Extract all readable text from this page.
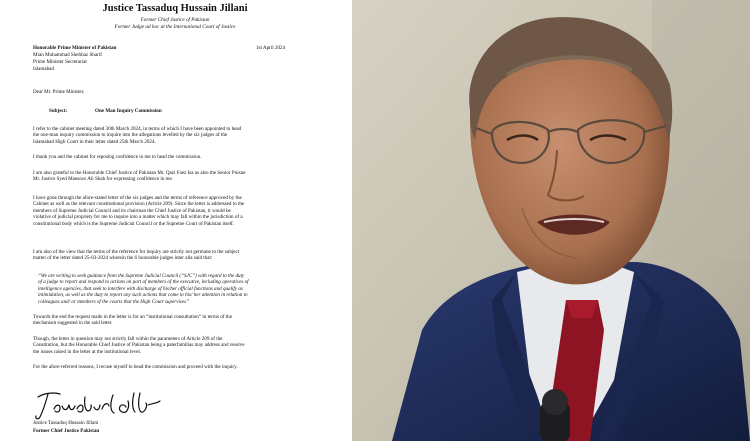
Justice Tassaduq Hussain Jillani
Former Chief Justice of Pakistan
Former Judge ad hoc at the International Court of Justice
Honorable Prime Minister of Pakistan	1st April 2024
Mian Muhammad Shehbaz Sharif
Prime Minister Secretariat
Islamabad
Dear Mr. Prime Minister,
Subject:	One Man Inquiry Commission
I refer to the cabinet meeting dated 30th March 2024, in terms of which I have been appointed to head
the one-man inquiry commission to inquire into the allegations levelled by the six judges of the
Islamabad High Court in their letter dated 25th March 2024.
I thank you and the cabinet for reposing confidence in me to head the commission.
I am also grateful to the Honorable Chief Justice of Pakistan Mr. Qazi Faez Isa as also the Senior Puisne
Mr. Justice Syed Mansoor Ali Shah for expressing confidence in me.
I have gone through the afore-stated letter of the six judges and the terms of reference approved by the
Cabinet as well as the relevant constitutional provision (Article 209). Since the letter is addressed to the
members of Supreme Judicial Council and its chairman the Chief Justice of Pakistan, it would be
violative of judicial propriety for me to inquire into a matter which may fall within the jurisdiction of a
constitutional body which is the Supreme Judicial Council or the Supreme Court of Pakistan itself.
I am also of the view that the terms of the reference for inquiry are strictly not germane to the subject
matter of the letter dated 25-03-2024 wherein the 6 honorable judges inter alia said that:
“We are writing to seek guidance from the Supreme Judicial Council (“SJC”) with regard to the duty
of a judge to report and respond to actions on part of members of the executive, including operatives of
intelligence agencies, that seek to interfere with discharge of his/her official functions and qualify as
intimidation, as well as the duty to report any such actions that come to his/ her attention in relation to
colleagues and/ or members of the courts that the High Court supervises”
Towards the end the request made in the letter is for an “institutional consultation” in terms of the
mechanism suggested in the said letter.
Though, the letter in question may not strictly fall within the parameters of Article 209 of the
Constitution, but the Honorable Chief Justice of Pakistan being a paterfamilias may address and resolve
the issues raised in the letter at the institutional level.
For the afore-referred reasons, I recuse myself to head the commission and proceed with the inquiry.
Justice Tassaduq Hussain Jillani
Former Chief Justice Pakistan
